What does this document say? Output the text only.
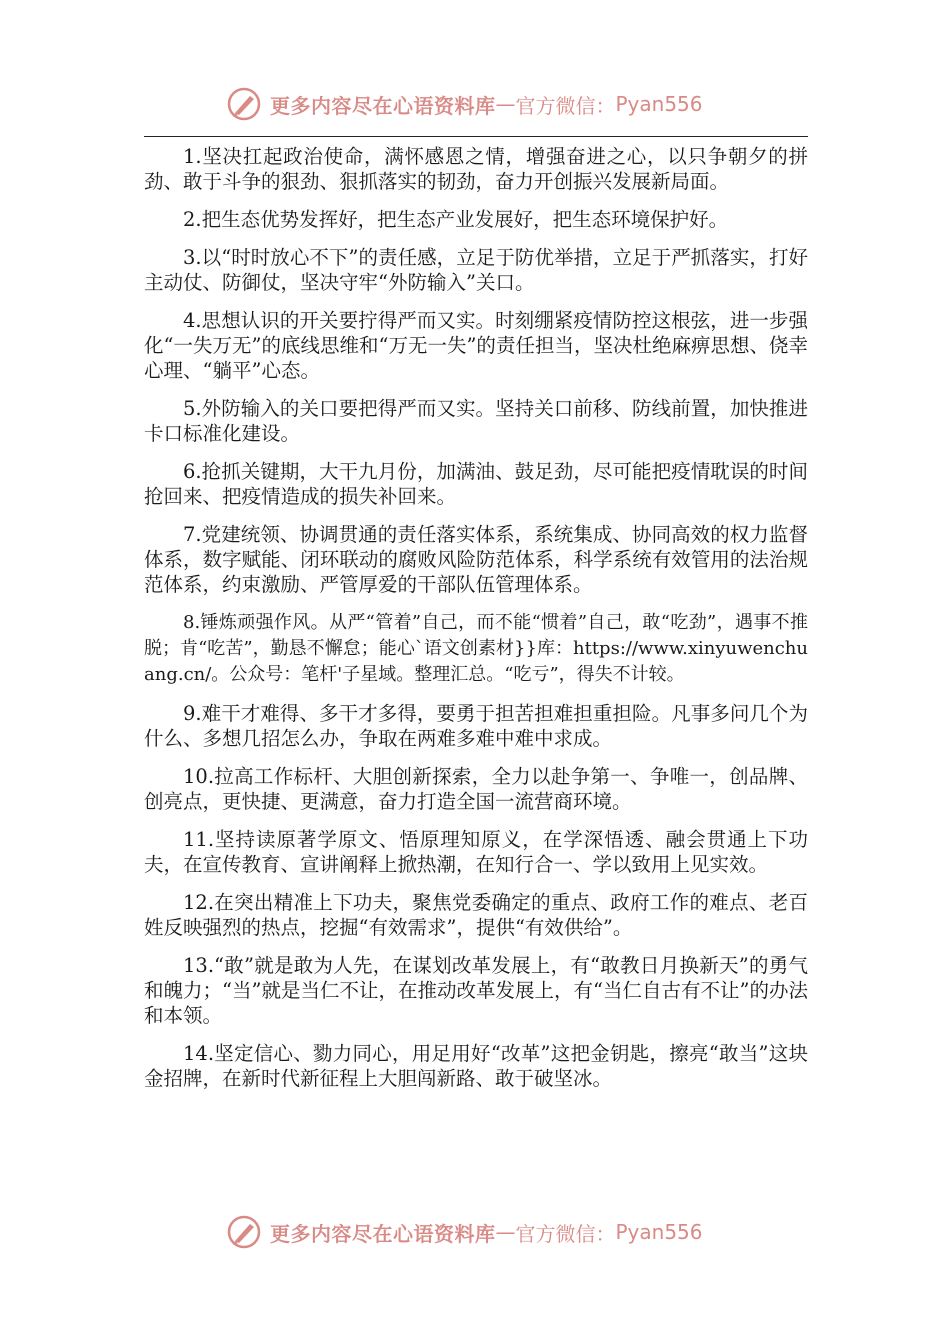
更多内容尽在心语资料库 — 官方微信： Pyan556

1.坚决扛起政治使命，满怀感恩之情，增强奋进之心，以只争朝夕的拼劲、敢于斗争的狠劲、狠抓落实的韧劲，奋力开创振兴发展新局面。

2.把生态优势发挥好，把生态产业发展好，把生态环境保护好。

3.以“时时放心不下”的责任感，立足于防优举措，立足于严抓落实，打好主动仗、防御仗，坚决守牢“外防输入”关口。

4.思想认识的开关要拧得严而又实。时刻绷紧疫情防控这根弦，进一步强化“一失万无”的底线思维和“万无一失”的责任担当，坚决杜绝麻痹思想、侥幸心理、“躺平”心态。

5.外防输入的关口要把得严而又实。坚持关口前移、防线前置，加快推进卡口标准化建设。

6.抢抓关键期，大干九月份，加满油、鼓足劲，尽可能把疫情耽误的时间抢回来、把疫情造成的损失补回来。

7.党建统领、协调贯通的责任落实体系，系统集成、协同高效的权力监督体系，数字赋能、闭环联动的腐败风险防范体系，科学系统有效管用的法治规范体系，约束激励、严管厚爱的干部队伍管理体系。

8.锤炼顽强作风。从严“管着”自己，而不能“惯着”自己，敢“吃劲”，遇事不推脱；肯“吃苦”，勤恳不懈怠；能心`语文创素材}}库：https://www.xinyuwenchuang.cn/。公众号：笔杆'子星域。整理汇总。“吃亏”，得失不计较。

9.难干才难得、多干才多得，要勇于担苦担难担重担险。凡事多问几个为什么、多想几招怎么办，争取在两难多难中难中求成。

10.拉高工作标杆、大胆创新探索，全力以赴争第一、争唯一，创品牌、创亮点，更快捷、更满意，奋力打造全国一流营商环境。

11.坚持读原著学原文、悟原理知原义，在学深悟透、融会贯通上下功夫，在宣传教育、宣讲阐释上掀热潮，在知行合一、学以致用上见实效。

12.在突出精准上下功夫，聚焦党委确定的重点、政府工作的难点、老百姓反映强烈的热点，挖掘“有效需求”，提供“有效供给”。

13.“敢”就是敢为人先，在谋划改革发展上，有“敢教日月换新天”的勇气和魄力；“当”就是当仁不让，在推动改革发展上，有“当仁自古有不让”的办法和本领。

14.坚定信心、勠力同心，用足用好“改革”这把金钥匙，擦亮“敢当”这块金招牌，在新时代新征程上大胆闯新路、敢于破坚冰。

更多内容尽在心语资料库 — 官方微信： Pyan556
